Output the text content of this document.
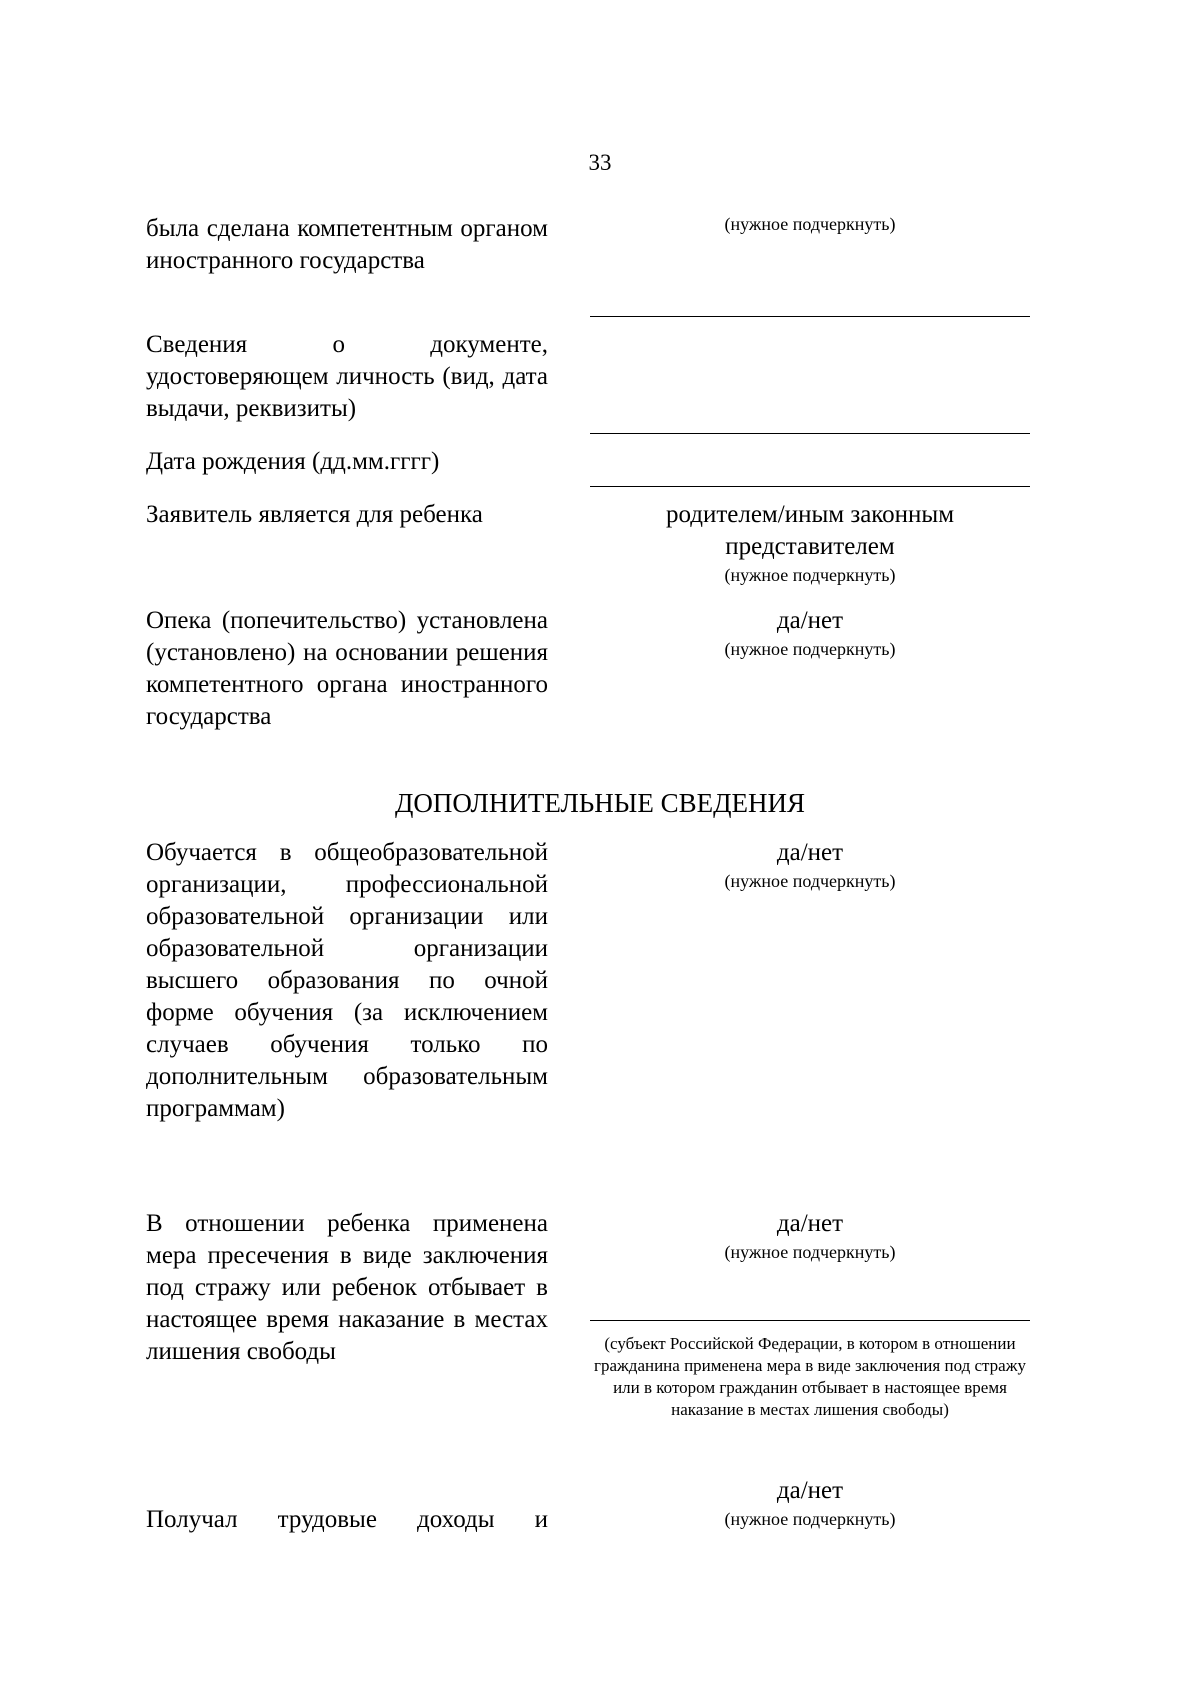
33
была сделана компетентным органом иностранного государства
(нужное подчеркнуть)
Сведения о документе, удостоверяющем личность (вид, дата выдачи, реквизиты)
Дата рождения (дд.мм.гггг)
Заявитель является для ребенка	родителем/иным законным представителем
(нужное подчеркнуть)
Опека (попечительство) установлена (установлено) на основании решения компетентного органа иностранного государства
да/нет
(нужное подчеркнуть)
ДОПОЛНИТЕЛЬНЫЕ СВЕДЕНИЯ
Обучается в общеобразовательной организации, профессиональной образовательной организации или образовательной организации высшего образования по очной форме обучения (за исключением случаев обучения только по дополнительным образовательным программам)
да/нет
(нужное подчеркнуть)
В отношении ребенка применена мера пресечения в виде заключения под стражу или ребенок отбывает в настоящее время наказание в местах лишения свободы
да/нет
(нужное подчеркнуть)
(субъект Российской Федерации, в котором в отношении гражданина применена мера в виде заключения под стражу или в котором гражданин отбывает в настоящее время наказание в местах лишения свободы)
да/нет
(нужное подчеркнуть)
Получал трудовые доходы и
